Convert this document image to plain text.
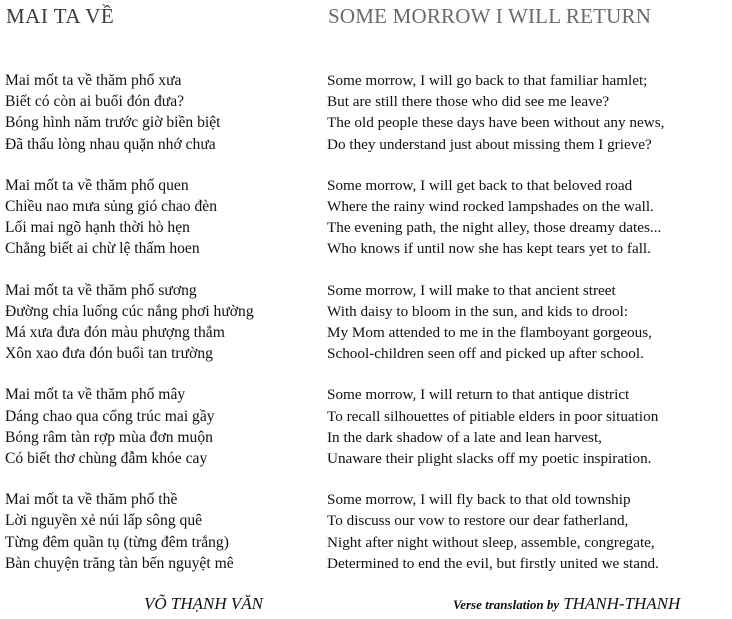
MAI TA VỀ	SOME MORROW I WILL RETURN
Mai mốt ta về thăm phố xưa
Biết có còn ai buổi đón đưa?
Bóng hình năm trước giờ biền biệt
Đã thấu lòng nhau quặn nhớ chưa
Mai mốt ta về thăm phố quen
Chiều nao mưa sủng gió chao đèn
Lối mai ngõ hạnh thời hò hẹn
Chẳng biết ai chừ lệ thấm hoen
Mai mốt ta về thăm phố sương
Đường chia luống cúc nắng phơi hường
Má xưa đưa đón màu phượng thắm
Xôn xao đưa đón buổi tan trường
Mai mốt ta về thăm phố mây
Dáng chao qua cổng trúc mai gầy
Bóng râm tàn rợp mùa đơn muộn
Có biết thơ chùng đẫm khóe cay
Mai mốt ta về thăm phố thề
Lời nguyền xẻ núi lấp sông quê
Từng đêm quần tụ (từng đêm trắng)
Bàn chuyện trăng tàn bến nguyệt mê
Some morrow, I will go back to that familiar hamlet;
But are still there those who did see me leave?
The old people these days have been without any news,
Do they understand just about missing them I grieve?
Some morrow, I will get back to that beloved road
Where the rainy wind rocked lampshades on the wall.
The evening path, the night alley, those dreamy dates...
Who knows if until now she has kept tears yet to fall.
Some morrow, I will make to that ancient street
With daisy to bloom in the sun, and kids to drool:
My Mom attended to me in the flamboyant gorgeous,
School-children seen off and picked up after school.
Some morrow, I will return to that antique district
To recall silhouettes of pitiable elders in poor situation
In the dark shadow of a late and lean harvest,
Unaware their plight slacks off my poetic inspiration.
Some morrow, I will fly back to that old township
To discuss our vow to restore our dear fatherland,
Night after night without sleep, assemble, congregate,
Determined to end the evil, but firstly united we stand.
VÕ THẠNH VĂN	Verse translation by THANH-THANH
